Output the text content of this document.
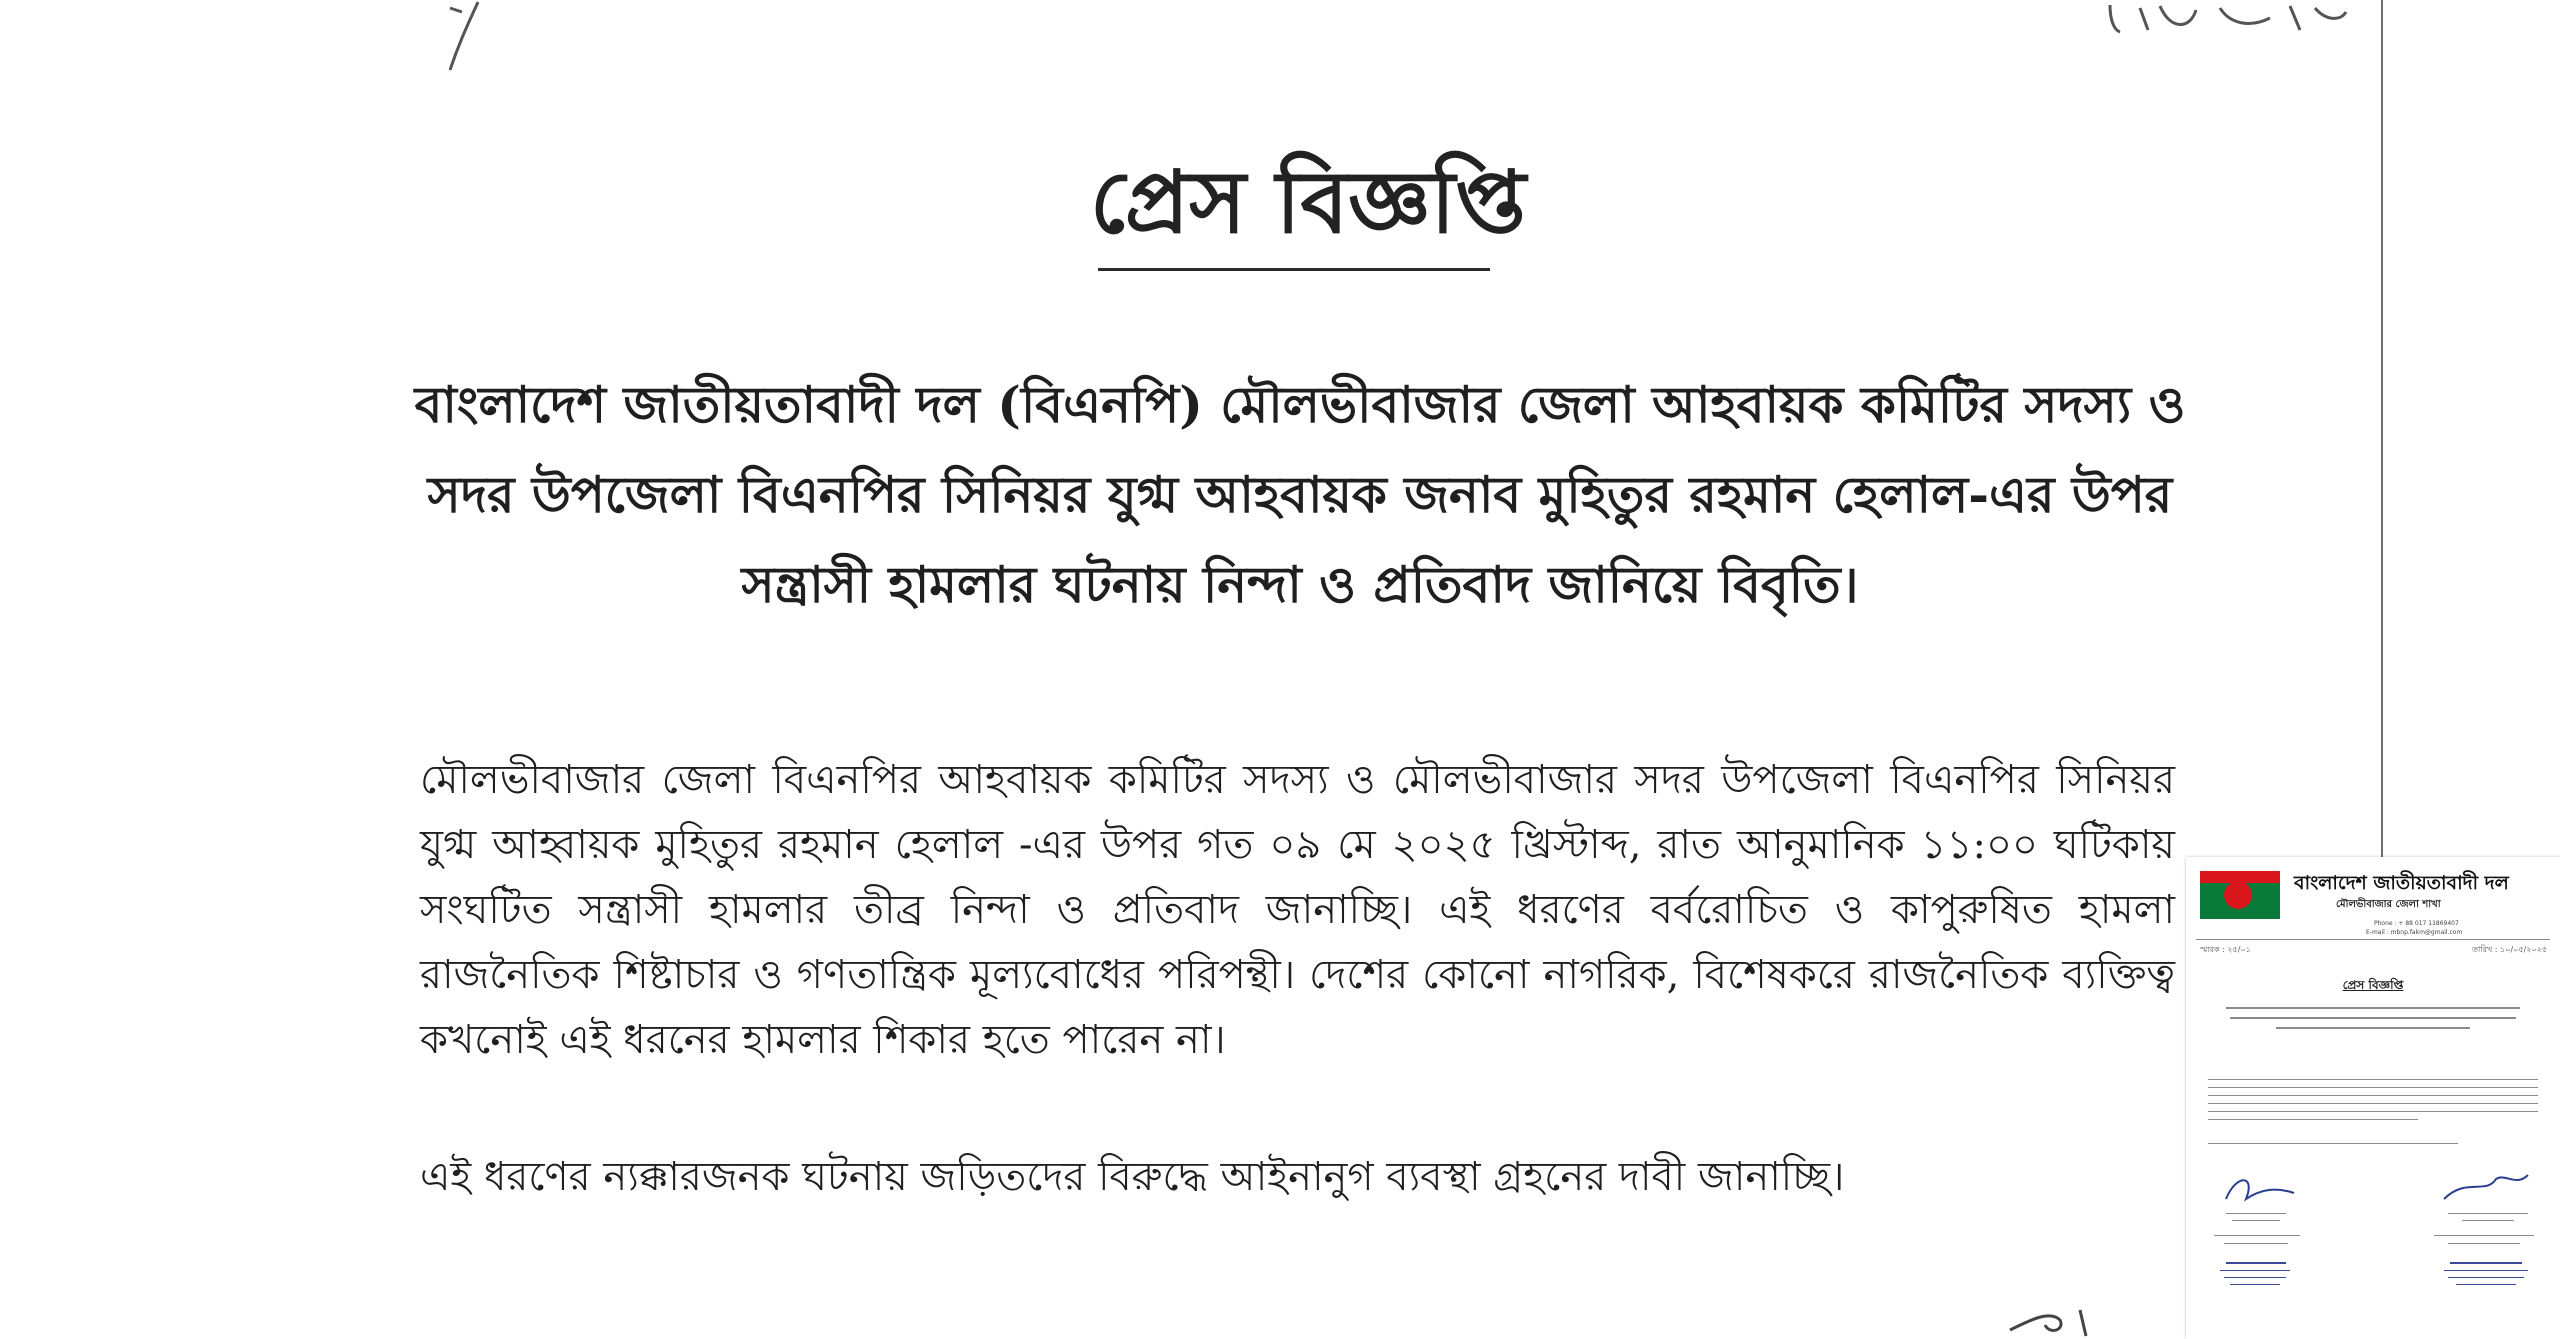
প্রেস বিজ্ঞপ্তি

বাংলাদেশ জাতীয়তাবাদী দল (বিএনপি) মৌলভীবাজার জেলা আহবায়ক কমিটির সদস্য ও সদর উপজেলা বিএনপির সিনিয়র যুগ্ম আহবায়ক জনাব মুহিতুর রহমান হেলাল-এর উপর সন্ত্রাসী হামলার ঘটনায় নিন্দা ও প্রতিবাদ জানিয়ে বিবৃতি।

মৌলভীবাজার জেলা বিএনপির আহবায়ক কমিটির সদস্য ও মৌলভীবাজার সদর উপজেলা বিএনপির সিনিয়র যুগ্ম আহ্বায়ক মুহিতুর রহমান হেলাল -এর উপর গত ০৯ মে ২০২৫ খ্রিস্টাব্দ, রাত আনুমানিক ১১:০০ ঘটিকায় সংঘটিত সন্ত্রাসী হামলার তীব্র নিন্দা ও প্রতিবাদ জানাচ্ছি। এই ধরণের বর্বরোচিত ও কাপুরুষিত হামলা রাজনৈতিক শিষ্টাচার ও গণতান্ত্রিক মূল্যবোধের পরিপন্থী। দেশের কোনো নাগরিক, বিশেষকরে রাজনৈতিক ব্যক্তিত্ব কখনোই এই ধরনের হামলার শিকার হতে পারেন না।

এই ধরণের ন্যক্কারজনক ঘটনায় জড়িতদের বিরুদ্ধে আইনানুগ ব্যবস্থা গ্রহনের দাবী জানাচ্ছি।

বাংলাদেশ জাতীয়তাবাদী দল
মৌলভীবাজার জেলা শাখা
Phone : + 88 017 11869407
E-mail : mbnp.fakm@gmail.com
স্মারক : ২৫/০১	তারিখ : ১০/০৫/২০২৫
প্রেস বিজ্ঞপ্তি
